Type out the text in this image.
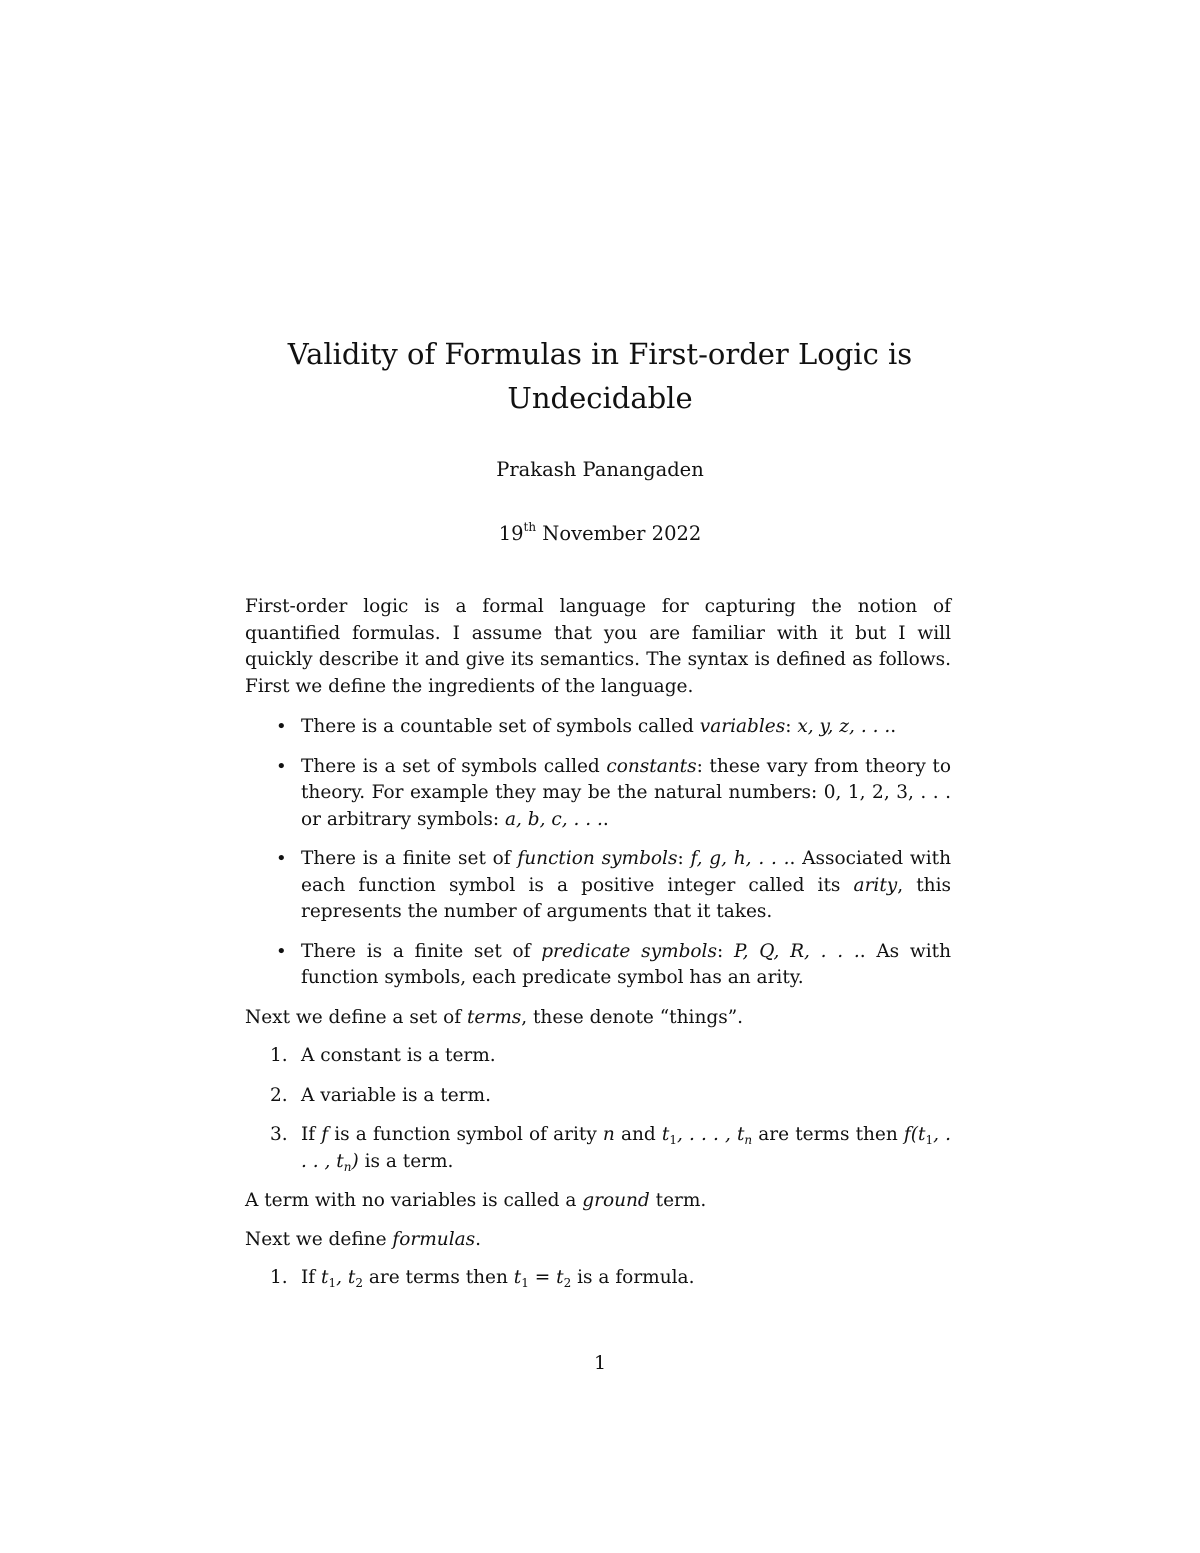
Validity of Formulas in First-order Logic is Undecidable
Prakash Panangaden
19th November 2022

First-order logic is a formal language for capturing the notion of quantified formulas. I assume that you are familiar with it but I will quickly describe it and give its semantics. The syntax is defined as follows. First we define the ingredients of the language.

• There is a countable set of symbols called variables: x, y, z, . . ..
• There is a set of symbols called constants: these vary from theory to theory. For example they may be the natural numbers: 0, 1, 2, 3, . . . or arbitrary symbols: a, b, c, . . ..
• There is a finite set of function symbols: f, g, h, . . .. Associated with each function symbol is a positive integer called its arity, this represents the number of arguments that it takes.
• There is a finite set of predicate symbols: P, Q, R, . . .. As with function symbols, each predicate symbol has an arity.

Next we define a set of terms, these denote “things”.

1. A constant is a term.
2. A variable is a term.
3. If f is a function symbol of arity n and $t_1$, . . . , $t_n$ are terms then $f(t_1$, . . . , $t_n$) is a term.

A term with no variables is called a ground term.

Next we define formulas.

1. If $t_1$, $t_2$ are terms then $t_1 = t_2$ is a formula.
1
